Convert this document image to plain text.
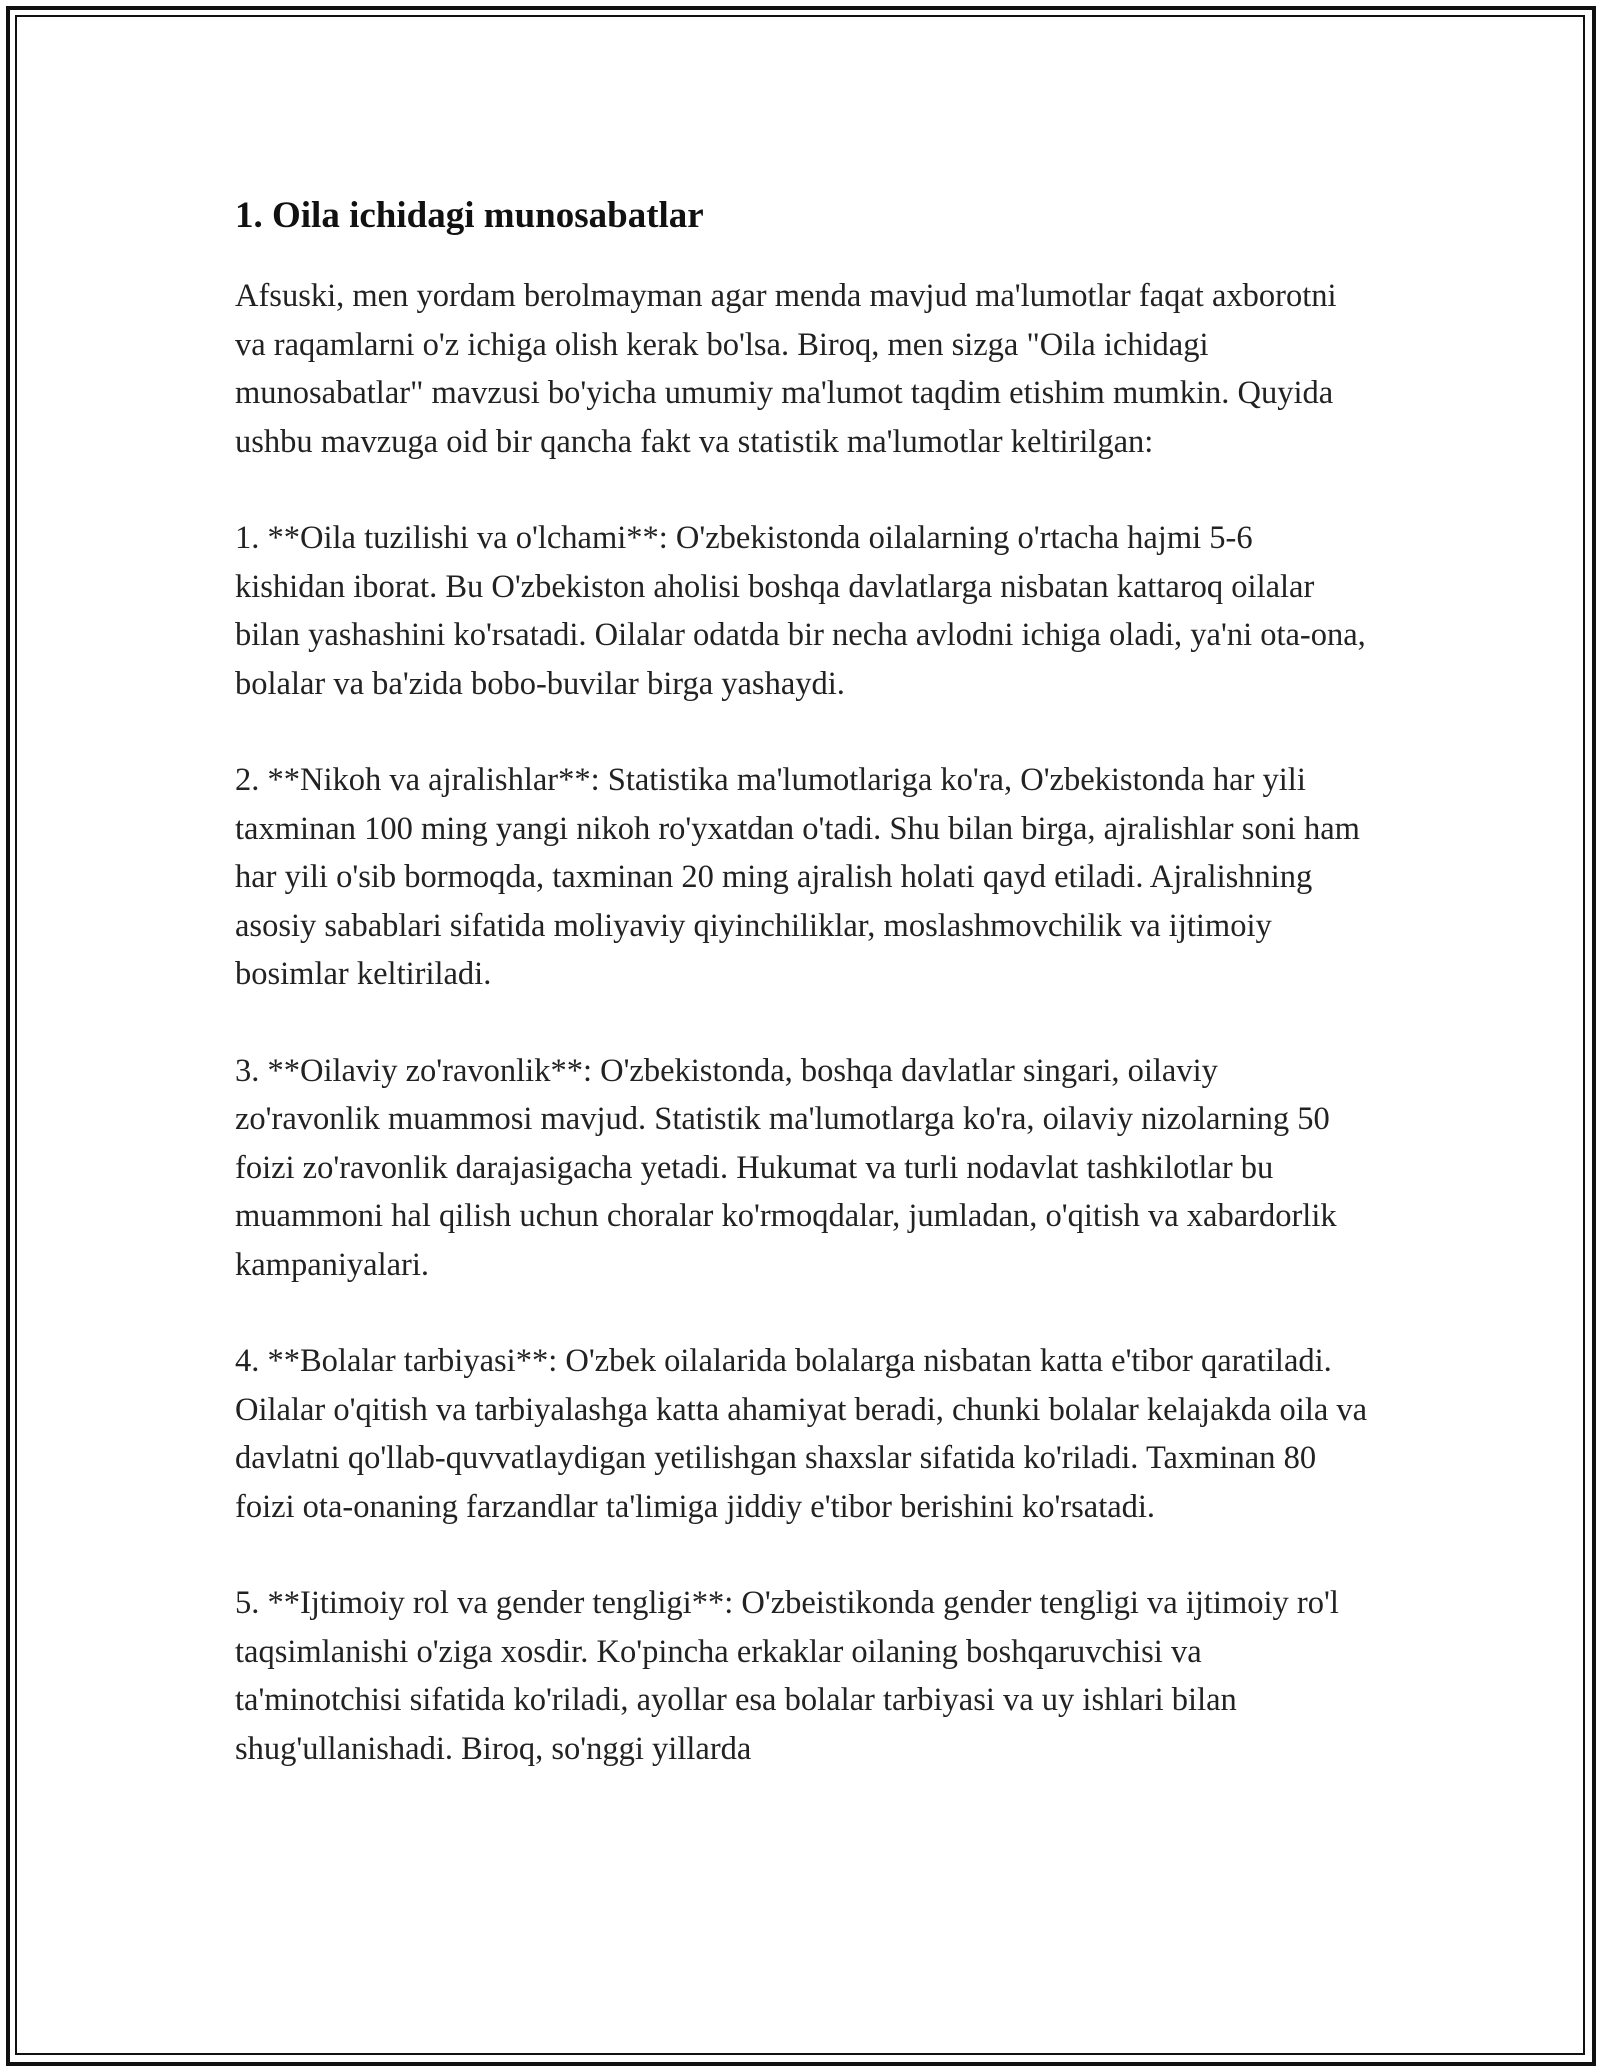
1. Oila ichidagi munosabatlar

Afsuski, men yordam berolmayman agar menda mavjud ma'lumotlar faqat axborotni va raqamlarni o'z ichiga olish kerak bo'lsa. Biroq, men sizga "Oila ichidagi munosabatlar" mavzusi bo'yicha umumiy ma'lumot taqdim etishim mumkin. Quyida ushbu mavzuga oid bir qancha fakt va statistik ma'lumotlar keltirilgan:

1. **Oila tuzilishi va o'lchami**: O'zbekistonda oilalarning o'rtacha hajmi 5-6 kishidan iborat. Bu O'zbekiston aholisi boshqa davlatlarga nisbatan kattaroq oilalar bilan yashashini ko'rsatadi. Oilalar odatda bir necha avlodni ichiga oladi, ya'ni ota-ona, bolalar va ba'zida bobo-buvilar birga yashaydi.

2. **Nikoh va ajralishlar**: Statistika ma'lumotlariga ko'ra, O'zbekistonda har yili taxminan 100 ming yangi nikoh ro'yxatdan o'tadi. Shu bilan birga, ajralishlar soni ham har yili o'sib bormoqda, taxminan 20 ming ajralish holati qayd etiladi. Ajralishning asosiy sabablari sifatida moliyaviy qiyinchiliklar, moslashmovchilik va ijtimoiy bosimlar keltiriladi.

3. **Oilaviy zo'ravonlik**: O'zbekistonda, boshqa davlatlar singari, oilaviy zo'ravonlik muammosi mavjud. Statistik ma'lumotlarga ko'ra, oilaviy nizolarning 50 foizi zo'ravonlik darajasigacha yetadi. Hukumat va turli nodavlat tashkilotlar bu muammoni hal qilish uchun choralar ko'rmoqdalar, jumladan, o'qitish va xabardorlik kampaniyalari.

4. **Bolalar tarbiyasi**: O'zbek oilalarida bolalarga nisbatan katta e'tibor qaratiladi. Oilalar o'qitish va tarbiyalashga katta ahamiyat beradi, chunki bolalar kelajakda oila va davlatni qo'llab-quvvatlaydigan yetilishgan shaxslar sifatida ko'riladi. Taxminan 80 foizi ota-onaning farzandlar ta'limiga jiddiy e'tibor berishini ko'rsatadi.

5. **Ijtimoiy rol va gender tengligi**: O'zbeistikonda gender tengligi va ijtimoiy ro'l taqsimlanishi o'ziga xosdir. Ko'pincha erkaklar oilaning boshqaruvchisi va ta'minotchisi sifatida ko'riladi, ayollar esa bolalar tarbiyasi va uy ishlari bilan shug'ullanishadi. Biroq, so'nggi yillarda
